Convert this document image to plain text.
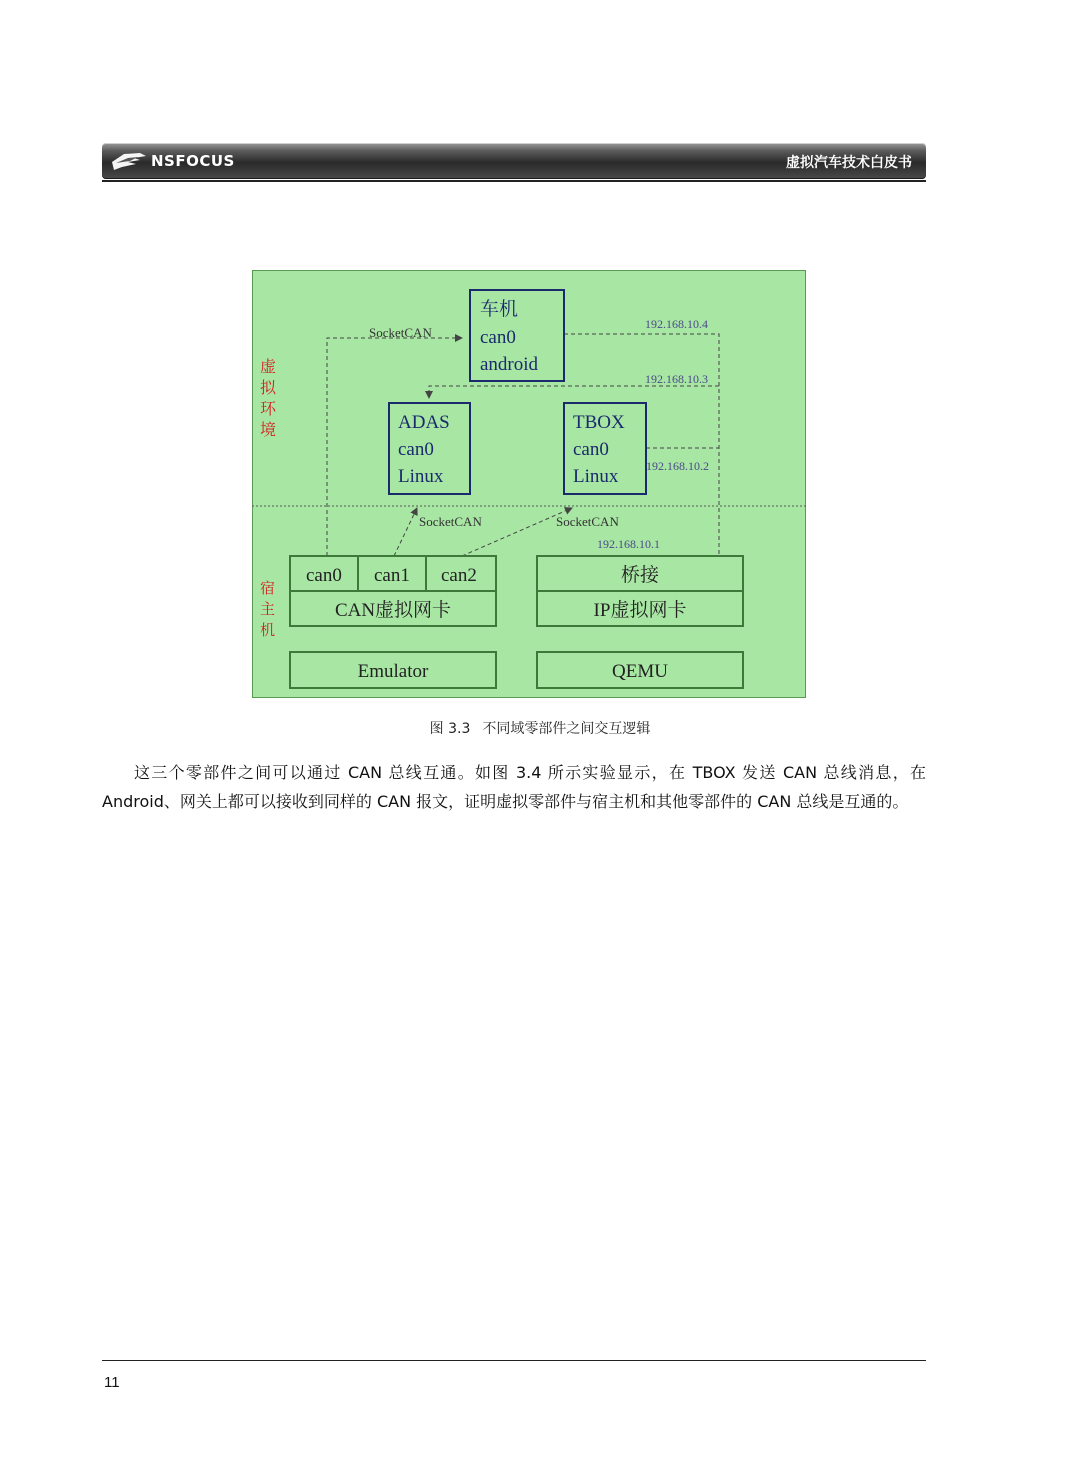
NSFOCUS	虚拟汽车技术白皮书
虚
拟
环
境
宿
主
机
SocketCAN
SocketCAN	SocketCAN
192.168.10.4
192.168.10.3
192.168.10.2
192.168.10.1
车机
can0
android
ADAS
can0
Linux
TBOX
can0
Linux
can0 can1 can2
CAN虚拟网卡
桥接
IP虚拟网卡
Emulator	QEMU
图 3.3 不同域零部件之间交互逻辑
这三个零部件之间可以通过 CAN 总线互通。如图 3.4 所示实验显示，在 TBOX 发送 CAN 总线消息，在 Android、网关上都可以接收到同样的 CAN 报文，证明虚拟零部件与宿主机和其他零部件的 CAN 总线是互通的。
11
